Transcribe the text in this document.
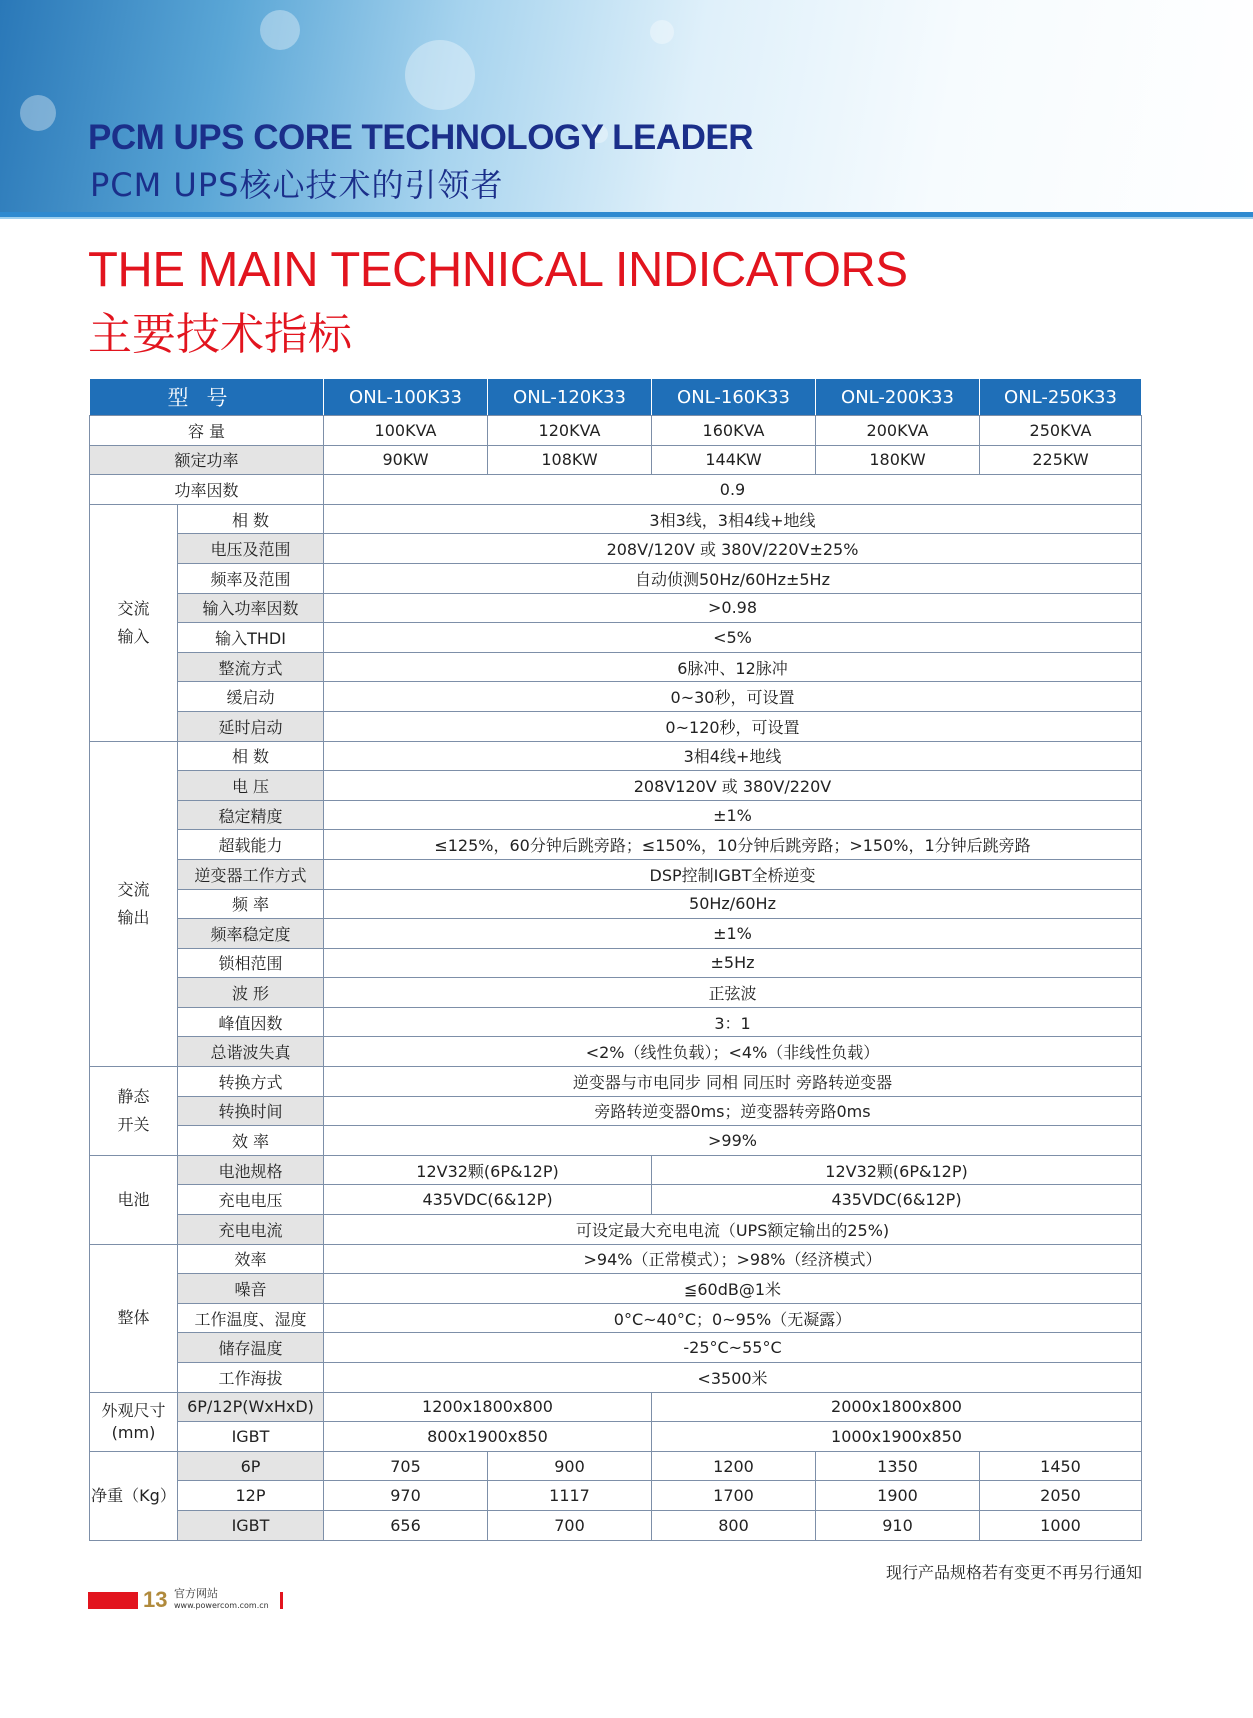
PCM UPS CORE TECHNOLOGY LEADER
PCM UPS核心技术的引领者
THE MAIN TECHNICAL INDICATORS
主要技术指标
型号		ONL-100K33	ONL-120K33	ONL-160K33	ONL-200K33	ONL-250K33
容 量		100KVA	120KVA	160KVA	200KVA	250KVA
额定功率		90KW	108KW	144KW	180KW	225KW
功率因数		0.9				

交流
输入	相 数	3相3线，3相4线+地线				
	电压及范围	208V/120V 或 380V/220V±25%				
	频率及范围	自动侦测50Hz/60Hz±5Hz				
	输入功率因数	>0.98				
	输入THDI	<5%				
	整流方式	6脉冲、12脉冲				
	缓启动	0~30秒，可设置				
	延时启动	0~120秒，可设置				

交流
输出	相 数	3相4线+地线				
	电 压	208V120V 或 380V/220V				
	稳定精度	±1%				
	超载能力	≤125%，60分钟后跳旁路；≤150%，10分钟后跳旁路；>150%，1分钟后跳旁路				
	逆变器工作方式	DSP控制IGBT全桥逆变				
	频 率	50Hz/60Hz				
	频率稳定度	±1%				
	锁相范围	±5Hz				
	波 形	正弦波				
	峰值因数	3：1				
	总谐波失真	<2%（线性负载）；<4%（非线性负载）				

静态
开关	转换方式	逆变器与市电同步 同相 同压时 旁路转逆变器				
	转换时间	旁路转逆变器0ms；逆变器转旁路0ms				
	效 率	>99%				

电池	电池规格	12V32颗(6P&12P)		12V32颗(6P&12P)		
	充电电压	435VDC(6&12P)		435VDC(6&12P)		
	充电电流	可设定最大充电电流（UPS额定输出的25%)				

整体	效率	>94%（正常模式）；>98%（经济模式）				
	噪音	≦60dB@1米				
	工作温度、湿度	0°C~40°C；0~95%（无凝露）				
	储存温度	-25°C~55°C				
	工作海拔	<3500米				

外观尺寸
(mm)	6P/12P(WxHxD)	1200x1800x800		2000x1800x800		
	IGBT	800x1900x850		1000x1900x850		

净重（Kg）	6P	705	900	1200	1350	1450
	12P	970	1117	1700	1900	2050
	IGBT	656	700	800	910	1000
现行产品规格若有变更不再另行通知
13 官方网站
www.powercom.com.cn
